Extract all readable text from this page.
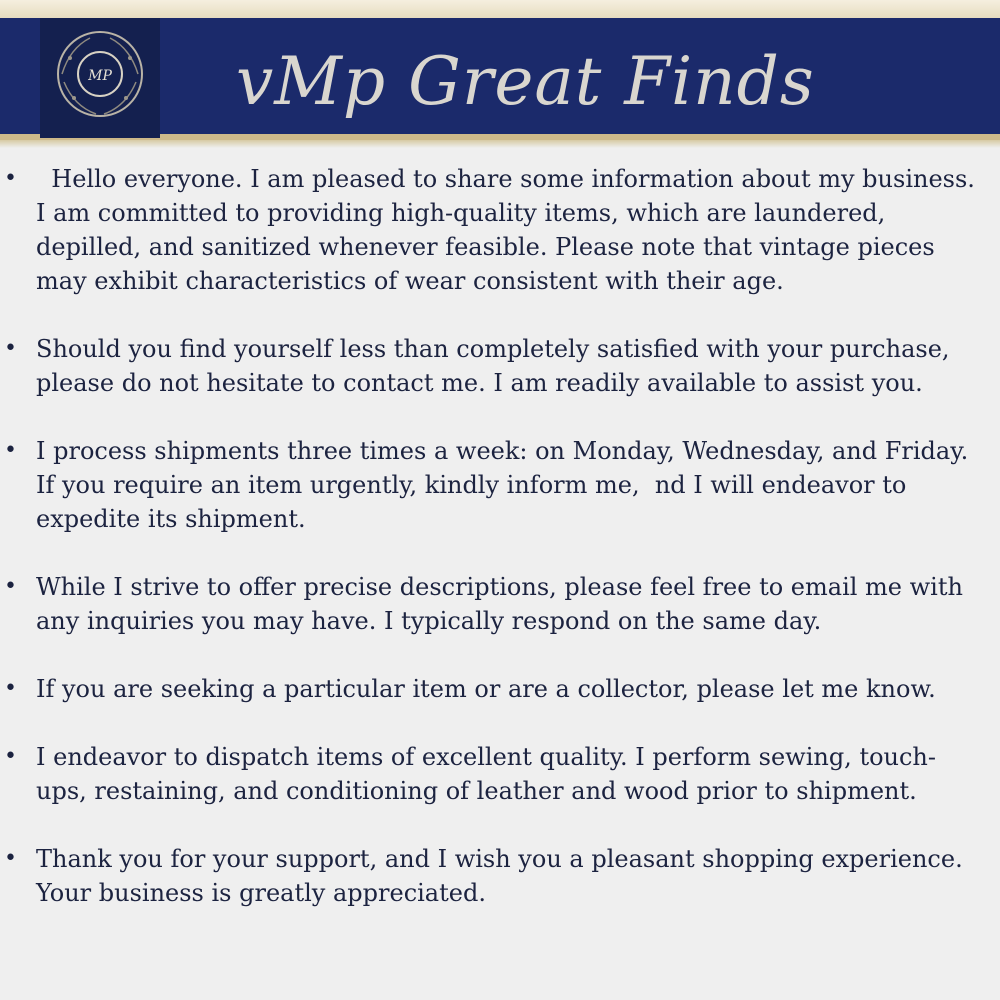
MP vMp Great Finds
• Hello everyone. I am pleased to share some information about my business. I am committed to providing high-quality items, which are laundered, depilled, and sanitized whenever feasible. Please note that vintage pieces may exhibit characteristics of wear consistent with their age.
• Should you find yourself less than completely satisfied with your purchase, please do not hesitate to contact me. I am readily available to assist you.
• I process shipments three times a week: on Monday, Wednesday, and Friday. If you require an item urgently, kindly inform me,  nd I will endeavor to expedite its shipment.
• While I strive to offer precise descriptions, please feel free to email me with any inquiries you may have. I typically respond on the same day.
• If you are seeking a particular item or are a collector, please let me know.
• I endeavor to dispatch items of excellent quality. I perform sewing, touch-ups, restaining, and conditioning of leather and wood prior to shipment.
• Thank you for your support, and I wish you a pleasant shopping experience. Your business is greatly appreciated.
